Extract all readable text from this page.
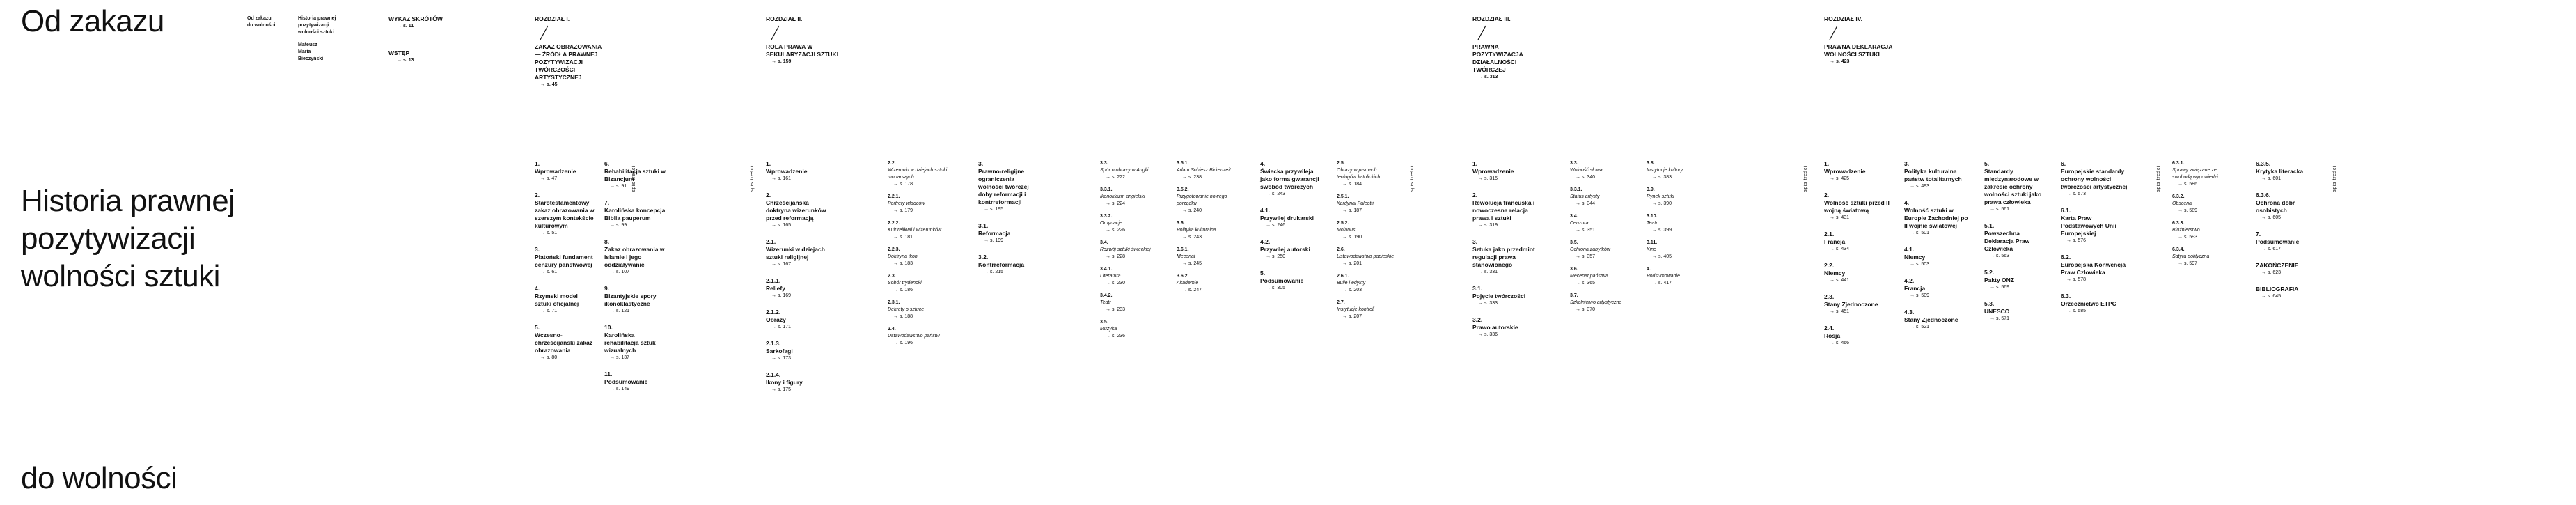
Od zakazu
Historia prawnej pozytywizacji wolności sztuki
do wolności
Od zakazu
do wolności
Historia prawnej
pozytywizacji
wolności sztuki
Mateusz
Maria
Bieczyński
WYKAZ SKRÓTÓW
→ s. 11
WSTĘP
→ s. 13
ROZDZIAŁ I.
ZAKAZ OBRAZOWANIA — ŹRÓDŁA PRAWNEJ POZYTYWIZACJI TWÓRCZOŚCI ARTYSTYCZNEJ
→ s. 45
ROZDZIAŁ II.
ROLA PRAWA W SEKULARYZACJI SZTUKI
→ s. 159
ROZDZIAŁ III.
PRAWNA POZYTYWIZACJA DZIAŁALNOŚCI TWÓRCZEJ
→ s. 313
ROZDZIAŁ IV.
PRAWNA DEKLARACJA WOLNOŚCI SZTUKI
→ s. 423
spis treści	spis treści	spis treści	spis treści	spis treści	spis treści
1.
Wprowadzenie
→ s. 47
2.
Starotestamentowy zakaz obrazowania w szerszym kontekście kulturowym
→ s. 51
3.
Platoński fundament cenzury państwowej
→ s. 61
4.
Rzymski model sztuki oficjalnej
→ s. 71
5.
Wczesno-chrześcijański zakaz obrazowania
→ s. 80
6.
Rehabilitacja sztuki w Bizancjum
→ s. 91
7.
Karolińska koncepcja Biblia pauperum
→ s. 99
8.
Zakaz obrazowania w islamie i jego oddziaływanie
→ s. 107
9.
Bizantyjskie spory ikonoklastyczne
→ s. 121
10.
Karolińska rehabilitacja sztuk wizualnych
→ s. 137
11.
Podsumowanie
→ s. 149
1.
Wprowadzenie
→ s. 161
2.
Chrześcijańska doktryna wizerunków przed reformacją
→ s. 165
2.1.
Wizerunki w dziejach sztuki religijnej
→ s. 167
2.1.1.
Reliefy
→ s. 169
2.1.2.
Obrazy
→ s. 171
2.1.3.
Sarkofagi
→ s. 173
2.1.4.
Ikony i figury
→ s. 175
2.2.
Wizerunki w dziejach sztuki monarszych
→ s. 178
2.2.1.
Portrety władców
→ s. 179
2.2.2.
Kult relikwii i wizerunków
→ s. 181
2.2.3.
Doktryna ikon
→ s. 183
2.3.
Sobór trydencki
→ s. 186
2.3.1.
Dekrety o sztuce
→ s. 188
2.4.
Ustawodawstwo państw
→ s. 196
3.
Prawno-religijne ograniczenia wolności twórczej doby reformacji i kontrreformacji
→ s. 195
3.1.
Reformacja
→ s. 199
3.2.
Kontrreformacja
→ s. 215
3.3.
Spór o obrazy w Anglii
→ s. 222
3.3.1.
Ikonoklazm angielski
→ s. 224
3.3.2.
Ordynacje
→ s. 226
3.4.
Rozwój sztuki świeckiej
→ s. 228
3.4.1.
Literatura
→ s. 230
3.4.2.
Teatr
→ s. 233
3.5.
Muzyka
→ s. 236
3.5.1.
Adam Sobiesz Birkenzeit
→ s. 238
3.5.2.
Przygotowanie nowego porządku
→ s. 240
3.6.
Polityka kulturalna
→ s. 243
3.6.1.
Mecenat
→ s. 245
3.6.2.
Akademie
→ s. 247
4.
Świecka przywileja jako forma gwarancji swobód twórczych
→ s. 243
4.1.
Przywilej drukarski
→ s. 246
4.2.
Przywilej autorski
→ s. 250
5.
Podsumowanie
→ s. 305
2.5.
Obrazy w pismach teologów katolickich
→ s. 184
2.5.1.
Kardynał Paleotti
→ s. 187
2.5.2.
Molanus
→ s. 190
2.6.
Ustawodawstwo papieskie
→ s. 201
2.6.1.
Bulle i edykty
→ s. 203
2.7.
Instytucje kontroli
→ s. 207
1.
Wprowadzenie
→ s. 315
2.
Rewolucja francuska i nowoczesna relacja prawa i sztuki
→ s. 319
3.
Sztuka jako przedmiot regulacji prawa stanowionego
→ s. 331
3.1.
Pojęcie twórczości
→ s. 333
3.2.
Prawo autorskie
→ s. 336
3.3.
Wolność słowa
→ s. 340
3.3.1.
Status artysty
→ s. 344
3.4.
Cenzura
→ s. 351
3.5.
Ochrona zabytków
→ s. 357
3.6.
Mecenat państwa
→ s. 365
3.7.
Szkolnictwo artystyczne
→ s. 370
3.8.
Instytucje kultury
→ s. 383
3.9.
Rynek sztuki
→ s. 390
3.10.
Teatr
→ s. 399
3.11.
Kino
→ s. 405
4.
Podsumowanie
→ s. 417
1.
Wprowadzenie
→ s. 425
2.
Wolność sztuki przed II wojną światową
→ s. 431
2.1.
Francja
→ s. 434
2.2.
Niemcy
→ s. 441
2.3.
Stany Zjednoczone
→ s. 451
2.4.
Rosja
→ s. 466
3.
Polityka kulturalna państw totalitarnych
→ s. 493
4.
Wolność sztuki w Europie Zachodniej po II wojnie światowej
→ s. 501
4.1.
Niemcy
→ s. 503
4.2.
Francja
→ s. 509
4.3.
Stany Zjednoczone
→ s. 521
5.
Standardy międzynarodowe w zakresie ochrony wolności sztuki jako prawa człowieka
→ s. 561
5.1.
Powszechna Deklaracja Praw Człowieka
→ s. 563
5.2.
Pakty ONZ
→ s. 569
5.3.
UNESCO
→ s. 571
6.
Europejskie standardy ochrony wolności twórczości artystycznej
→ s. 573
6.1.
Karta Praw Podstawowych Unii Europejskiej
→ s. 576
6.2.
Europejska Konwencja Praw Człowieka
→ s. 578
6.3.
Orzecznictwo ETPC
→ s. 585
6.3.1.
Sprawy związane ze swobodą wypowiedzi
→ s. 586
6.3.2.
Obscena
→ s. 589
6.3.3.
Bluźnierstwo
→ s. 593
6.3.4.
Satyra polityczna
→ s. 597
6.3.5.
Krytyka literacka
→ s. 601
6.3.6.
Ochrona dóbr osobistych
→ s. 605
7.
Podsumowanie
→ s. 617
ZAKOŃCZENIE
→ s. 623
BIBLIOGRAFIA
→ s. 645
